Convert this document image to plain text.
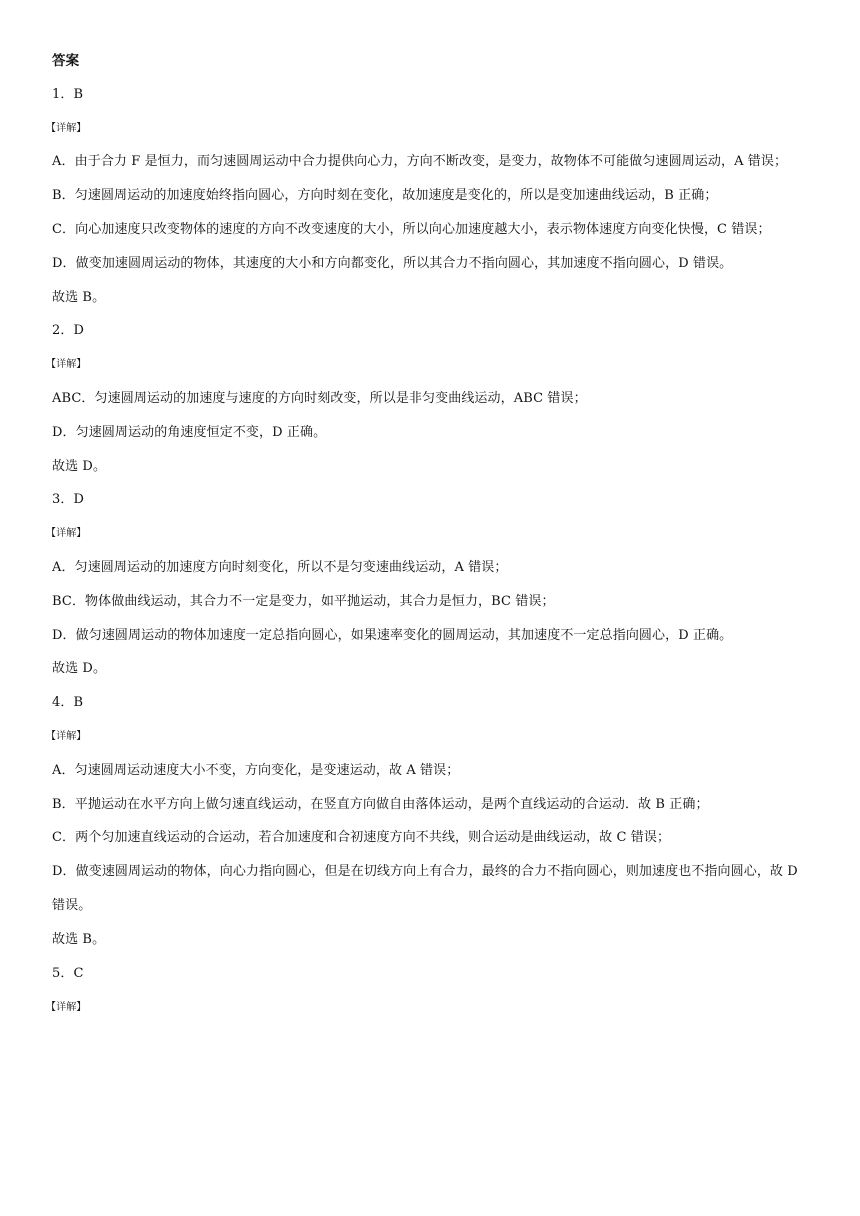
答案
1．B
【详解】
A．由于合力 F 是恒力，而匀速圆周运动中合力提供向心力，方向不断改变，是变力，故物体不可能做匀速圆周运动，A 错误；
B．匀速圆周运动的加速度始终指向圆心，方向时刻在变化，故加速度是变化的，所以是变加速曲线运动，B 正确；
C．向心加速度只改变物体的速度的方向不改变速度的大小，所以向心加速度越大小，表示物体速度方向变化快慢，C 错误；
D．做变加速圆周运动的物体，其速度的大小和方向都变化，所以其合力不指向圆心，其加速度不指向圆心，D 错误。
故选 B。
2．D
【详解】
ABC．匀速圆周运动的加速度与速度的方向时刻改变，所以是非匀变曲线运动，ABC 错误；
D．匀速圆周运动的角速度恒定不变，D 正确。
故选 D。
3．D
【详解】
A．匀速圆周运动的加速度方向时刻变化，所以不是匀变速曲线运动，A 错误；
BC．物体做曲线运动，其合力不一定是变力，如平抛运动，其合力是恒力，BC 错误；
D．做匀速圆周运动的物体加速度一定总指向圆心，如果速率变化的圆周运动，其加速度不一定总指向圆心，D 正确。
故选 D。
4．B
【详解】
A．匀速圆周运动速度大小不变，方向变化，是变速运动，故 A 错误；
B．平抛运动在水平方向上做匀速直线运动，在竖直方向做自由落体运动，是两个直线运动的合运动．故 B 正确；
C．两个匀加速直线运动的合运动，若合加速度和合初速度方向不共线，则合运动是曲线运动，故 C 错误；
D．做变速圆周运动的物体，向心力指向圆心，但是在切线方向上有合力，最终的合力不指向圆心，则加速度也不指向圆心，故 D 错误。
故选 B。
5．C
【详解】
